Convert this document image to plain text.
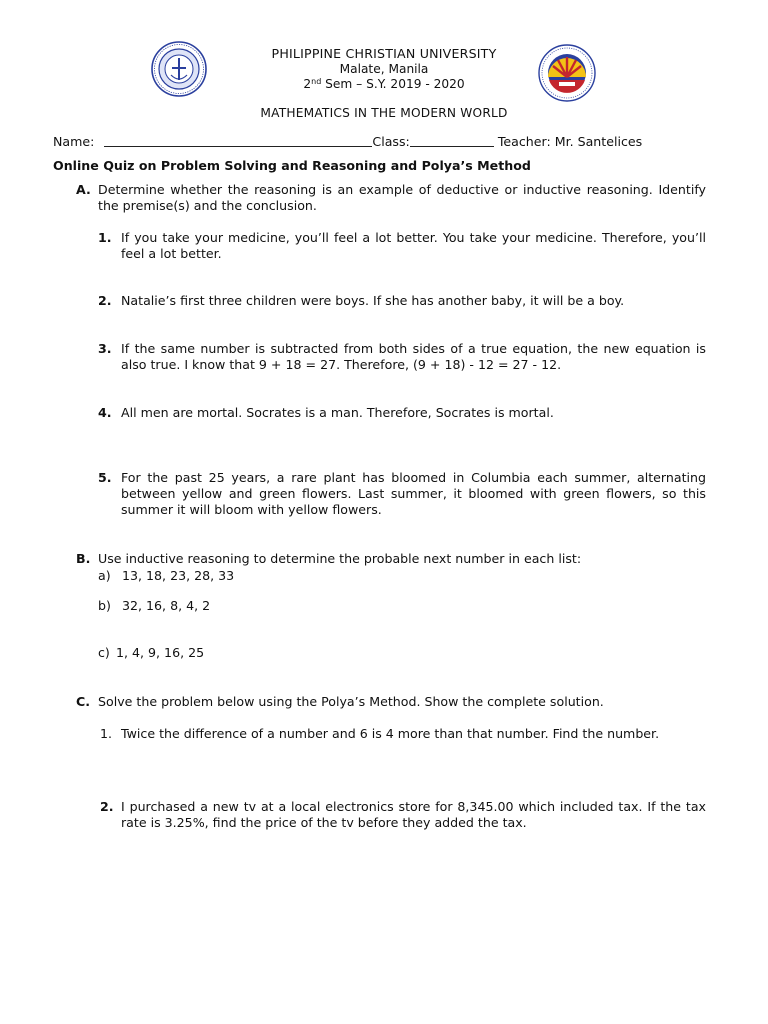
PHILIPPINE CHRISTIAN UNIVERSITY
Malate, Manila
2nd Sem – S.Y. 2019 - 2020
MATHEMATICS IN THE MODERN WORLD
Name:	Class:	Teacher: Mr. Santelices
Online Quiz on Problem Solving and Reasoning and Polya’s Method
A. Determine whether the reasoning is an example of deductive or inductive reasoning. Identify the premise(s) and the conclusion.
1. If you take your medicine, you’ll feel a lot better. You take your medicine. Therefore, you’ll feel a lot better.
2. Natalie’s first three children were boys. If she has another baby, it will be a boy.
3. If the same number is subtracted from both sides of a true equation, the new equation is also true. I know that 9 + 18 = 27. Therefore, (9 + 18) - 12 = 27 - 12.
4. All men are mortal. Socrates is a man. Therefore, Socrates is mortal.
5. For the past 25 years, a rare plant has bloomed in Columbia each summer, alternating between yellow and green flowers. Last summer, it bloomed with green flowers, so this summer it will bloom with yellow flowers.
B. Use inductive reasoning to determine the probable next number in each list:
a) 13, 18, 23, 28, 33
b) 32, 16, 8, 4, 2
c) 1, 4, 9, 16, 25
C. Solve the problem below using the Polya’s Method. Show the complete solution.
1. Twice the difference of a number and 6 is 4 more than that number. Find the number.
2. I purchased a new tv at a local electronics store for 8,345.00 which included tax. If the tax rate is 3.25%, find the price of the tv before they added the tax.
